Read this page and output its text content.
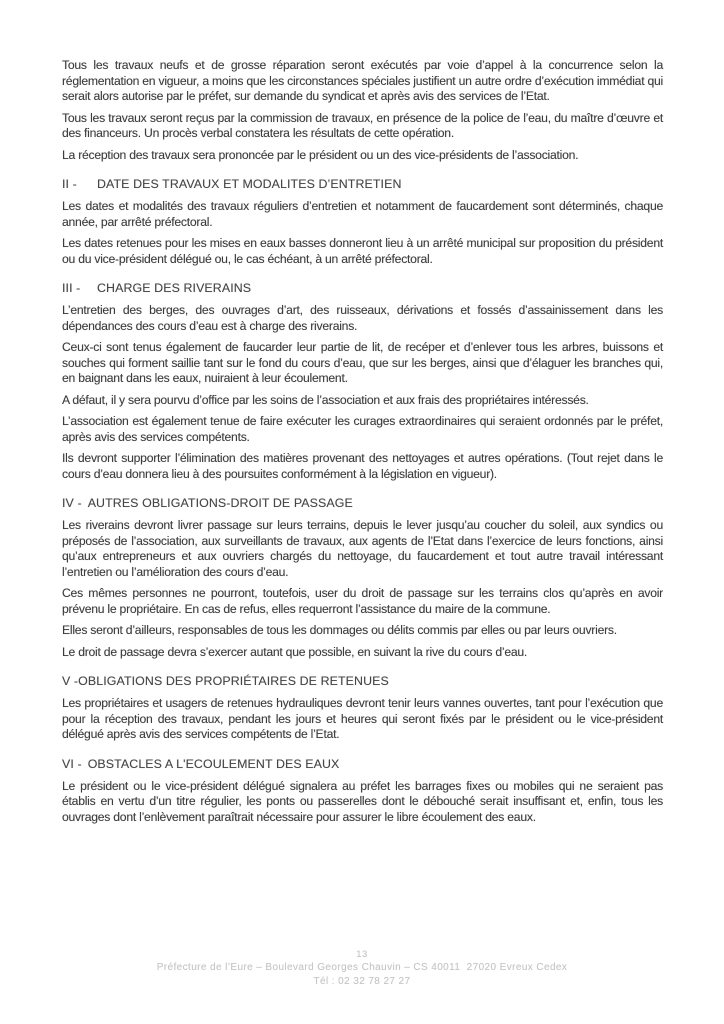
Tous les travaux neufs et de grosse réparation seront exécutés par voie d’appel à la concurrence selon la réglementation en vigueur, a moins que les circonstances spéciales justifient un autre ordre d’exécution immédiat qui serait alors autorise par le préfet, sur demande du syndicat et après avis des services de l’Etat.

Tous les travaux seront reçus par la commission de travaux, en présence de la police de l’eau, du maître d’œuvre et des financeurs. Un procès verbal constatera les résultats de cette opération.

La réception des travaux sera prononcée par le président ou un des vice-présidents de l’association.

II - DATE DES TRAVAUX ET MODALITES D’ENTRETIEN

Les dates et modalités des travaux réguliers d’entretien et notamment de faucardement sont déterminés, chaque année, par arrêté préfectoral.

Les dates retenues pour les mises en eaux basses donneront lieu à un arrêté municipal sur proposition du président ou du vice-président délégué ou, le cas échéant, à un arrêté préfectoral.

III - CHARGE DES RIVERAINS

L’entretien des berges, des ouvrages d’art, des ruisseaux, dérivations et fossés d’assainissement dans les dépendances des cours d’eau est à charge des riverains.

Ceux-ci sont tenus également de faucarder leur partie de lit, de recéper et d’enlever tous les arbres, buissons et souches qui forment saillie tant sur le fond du cours d’eau, que sur les berges, ainsi que d’élaguer les branches qui, en baignant dans les eaux, nuiraient à leur écoulement.

A défaut, il y sera pourvu d’office par les soins de l’association et aux frais des propriétaires intéressés.

L’association est également tenue de faire exécuter les curages extraordinaires qui seraient ordonnés par le préfet, après avis des services compétents.

Ils devront supporter l’élimination des matières provenant des nettoyages et autres opérations. (Tout rejet dans le cours d’eau donnera lieu à des poursuites conformément à la législation en vigueur).

IV - AUTRES OBLIGATIONS-DROIT DE PASSAGE

Les riverains devront livrer passage sur leurs terrains, depuis le lever jusqu’au coucher du soleil, aux syndics ou préposés de l’association, aux surveillants de travaux, aux agents de l’Etat dans l’exercice de leurs fonctions, ainsi qu’aux entrepreneurs et aux ouvriers chargés du nettoyage, du faucardement et tout autre travail intéressant l’entretien ou l’amélioration des cours d’eau.

Ces mêmes personnes ne pourront, toutefois, user du droit de passage sur les terrains clos qu’après en avoir prévenu le propriétaire. En cas de refus, elles requerront l’assistance du maire de la commune.

Elles seront d’ailleurs, responsables de tous les dommages ou délits commis par elles ou par leurs ouvriers.

Le droit de passage devra s’exercer autant que possible, en suivant la rive du cours d’eau.

V -OBLIGATIONS DES PROPRIÉTAIRES DE RETENUES

Les propriétaires et usagers de retenues hydrauliques devront tenir leurs vannes ouvertes, tant pour l’exécution que pour la réception des travaux, pendant les jours et heures qui seront fixés par le président ou le vice-président délégué après avis des services compétents de l’Etat.

VI - OBSTACLES A L'ECOULEMENT DES EAUX

Le président ou le vice-président délégué signalera au préfet les barrages fixes ou mobiles qui ne seraient pas établis en vertu d’un titre régulier, les ponts ou passerelles dont le débouché serait insuffisant et, enfin, tous les ouvrages dont l’enlèvement paraîtrait nécessaire pour assurer le libre écoulement des eaux.

13
Préfecture de l’Eure – Boulevard Georges Chauvin – CS 40011  27020 Evreux Cedex
Tél : 02 32 78 27 27
